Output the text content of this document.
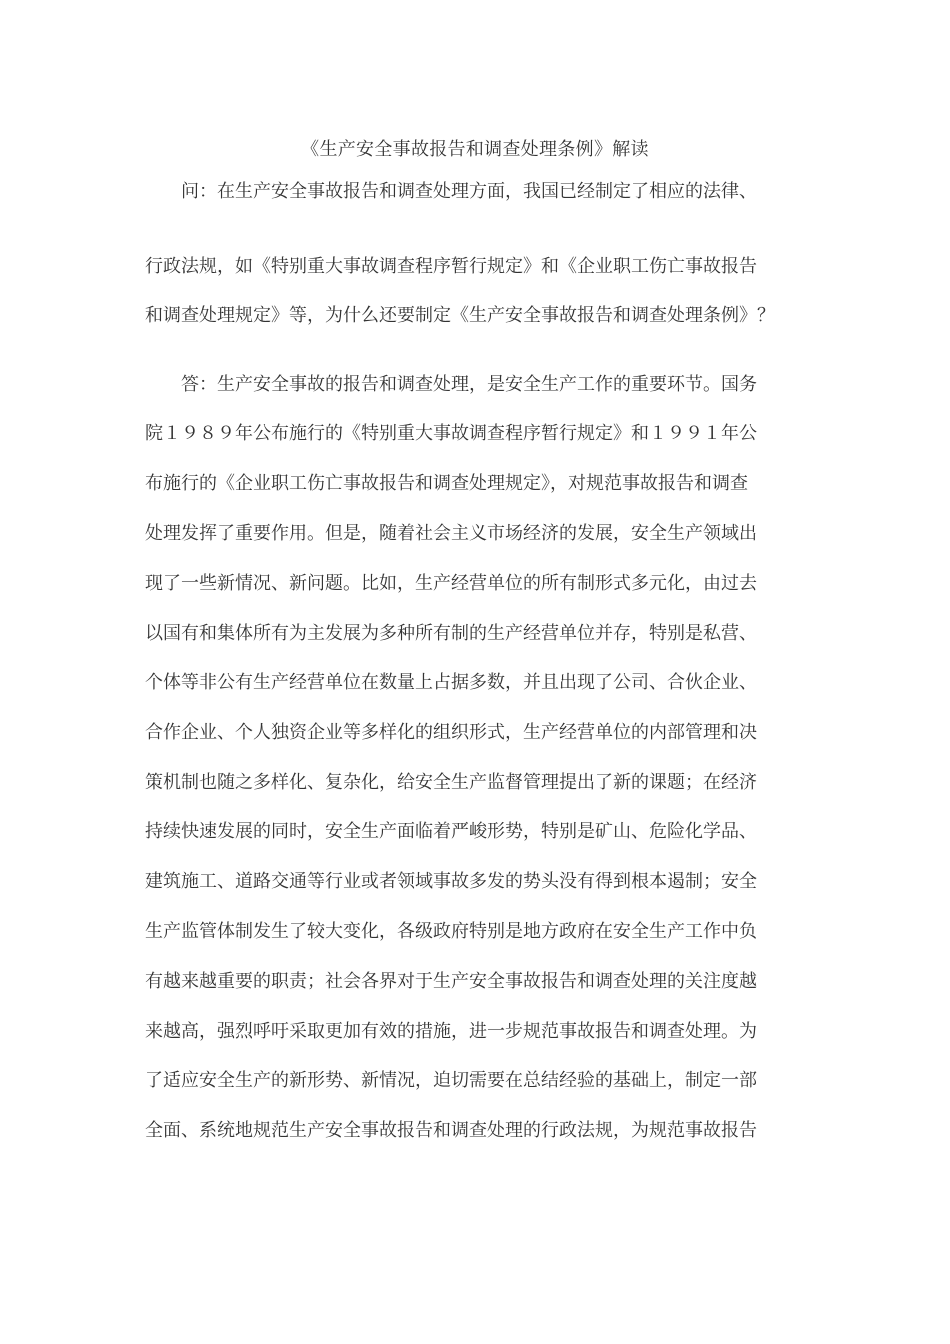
《生产安全事故报告和调查处理条例》解读
问：在生产安全事故报告和调查处理方面，我国已经制定了相应的法律、
行政法规，如《特别重大事故调查程序暂行规定》和《企业职工伤亡事故报告
和调查处理规定》等，为什么还要制定《生产安全事故报告和调查处理条例》？
答：生产安全事故的报告和调查处理，是安全生产工作的重要环节。国务
院１９８９年公布施行的《特别重大事故调查程序暂行规定》和１９９１年公
布施行的《企业职工伤亡事故报告和调查处理规定》，对规范事故报告和调查
处理发挥了重要作用。但是，随着社会主义市场经济的发展，安全生产领域出
现了一些新情况、新问题。比如，生产经营单位的所有制形式多元化，由过去
以国有和集体所有为主发展为多种所有制的生产经营单位并存，特别是私营、
个体等非公有生产经营单位在数量上占据多数，并且出现了公司、合伙企业、
合作企业、个人独资企业等多样化的组织形式，生产经营单位的内部管理和决
策机制也随之多样化、复杂化，给安全生产监督管理提出了新的课题；在经济
持续快速发展的同时，安全生产面临着严峻形势，特别是矿山、危险化学品、
建筑施工、道路交通等行业或者领域事故多发的势头没有得到根本遏制；安全
生产监管体制发生了较大变化，各级政府特别是地方政府在安全生产工作中负
有越来越重要的职责；社会各界对于生产安全事故报告和调查处理的关注度越
来越高，强烈呼吁采取更加有效的措施，进一步规范事故报告和调查处理。为
了适应安全生产的新形势、新情况，迫切需要在总结经验的基础上，制定一部
全面、系统地规范生产安全事故报告和调查处理的行政法规，为规范事故报告
